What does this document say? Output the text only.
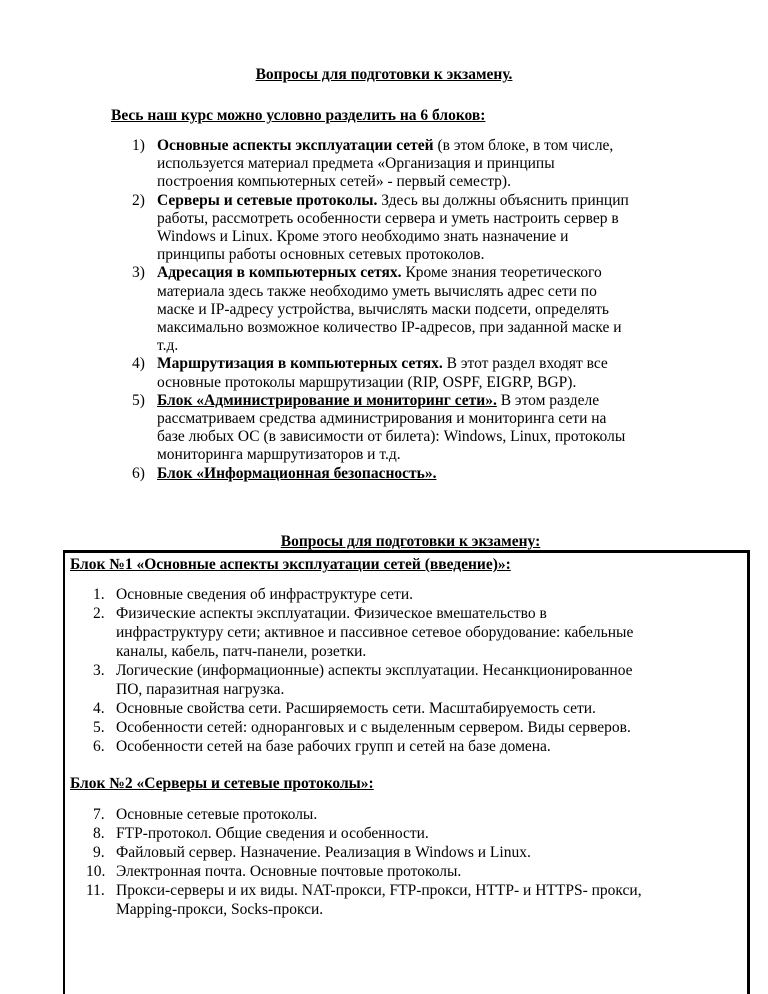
Вопросы для подготовки к экзамену.
Весь наш курс можно условно разделить на 6 блоков:
1) Основные аспекты эксплуатации сетей (в этом блоке, в том числе,
используется материал предмета «Организация и принципы
построения компьютерных сетей» - первый семестр).
2) Серверы и сетевые протоколы. Здесь вы должны объяснить принцип
работы, рассмотреть особенности сервера и уметь настроить сервер в
Windows и Linux. Кроме этого необходимо знать назначение и
принципы работы основных сетевых протоколов.
3) Адресация в компьютерных сетях. Кроме знания теоретического
материала здесь также необходимо уметь вычислять адрес сети по
маске и IP-адресу устройства, вычислять маски подсети, определять
максимально возможное количество IP-адресов, при заданной маске и
т.д.
4) Маршрутизация в компьютерных сетях. В этот раздел входят все
основные протоколы маршрутизации (RIP, OSPF, EIGRP, BGP).
5) Блок «Администрирование и мониторинг сети». В этом разделе
рассматриваем средства администрирования и мониторинга сети на
базе любых ОС (в зависимости от билета): Windows, Linux, протоколы
мониторинга маршрутизаторов и т.д.
6) Блок «Информационная безопасность».
Вопросы для подготовки к экзамену:
Блок №1 «Основные аспекты эксплуатации сетей (введение)»:
1. Основные сведения об инфраструктуре сети.
2. Физические аспекты эксплуатации. Физическое вмешательство в
инфраструктуру сети; активное и пассивное сетевое оборудование: кабельные
каналы, кабель, патч-панели, розетки.
3. Логические (информационные) аспекты эксплуатации. Несанкционированное
ПО, паразитная нагрузка.
4. Основные свойства сети. Расширяемость сети. Масштабируемость сети.
5. Особенности сетей: одноранговых и с выделенным сервером. Виды серверов.
6. Особенности сетей на базе рабочих групп и сетей на базе домена.
Блок №2 «Серверы и сетевые протоколы»:
7. Основные сетевые протоколы.
8. FTP-протокол. Общие сведения и особенности.
9. Файловый сервер. Назначение. Реализация в Windows и Linux.
10. Электронная почта. Основные почтовые протоколы.
11. Прокси-серверы и их виды. NAT-прокси, FTP-прокси, HTTP- и HTTPS- прокси,
Mapping-прокси, Socks-прокси.
